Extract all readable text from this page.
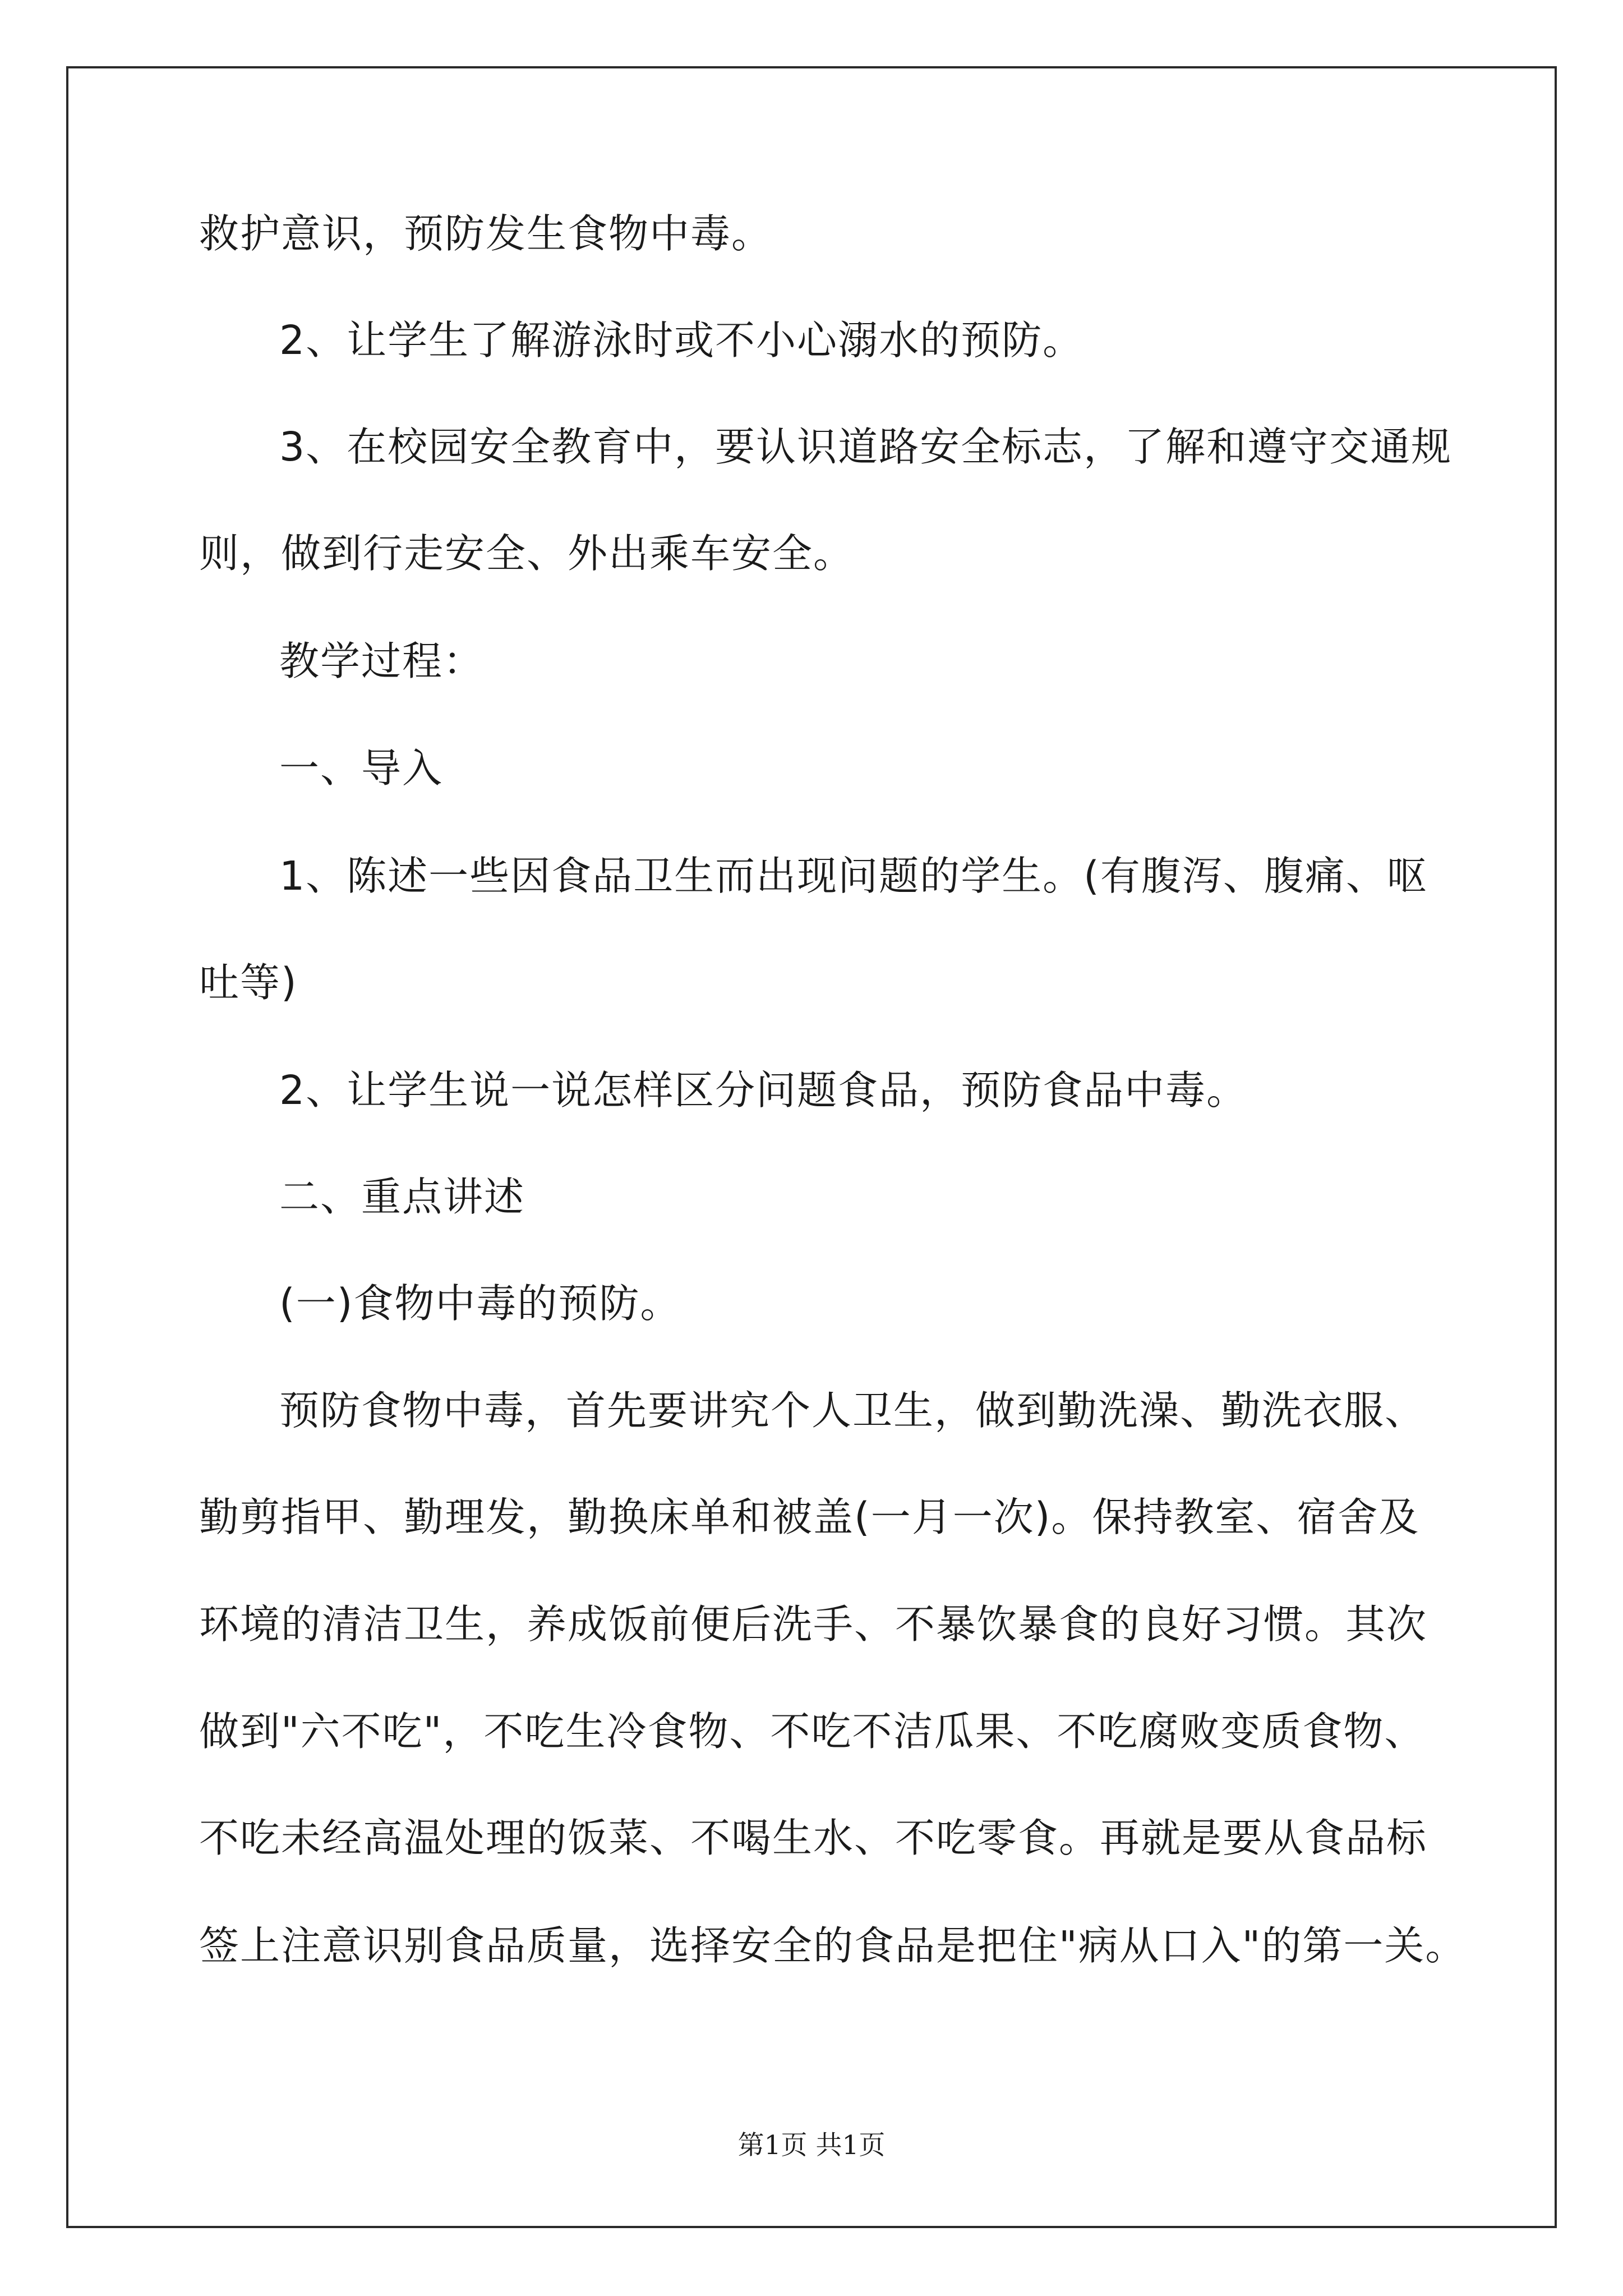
救护意识，预防发生食物中毒。
2、让学生了解游泳时或不小心溺水的预防。
3、在校园安全教育中，要认识道路安全标志，了解和遵守交通规
则，做到行走安全、外出乘车安全。
教学过程：
一、导入
1、陈述一些因食品卫生而出现问题的学生。(有腹泻、腹痛、呕
吐等)
2、让学生说一说怎样区分问题食品，预防食品中毒。
二、重点讲述
(一)食物中毒的预防。
预防食物中毒，首先要讲究个人卫生，做到勤洗澡、勤洗衣服、
勤剪指甲、勤理发，勤换床单和被盖(一月一次)。保持教室、宿舍及
环境的清洁卫生，养成饭前便后洗手、不暴饮暴食的良好习惯。其次
做到"六不吃"，不吃生冷食物、不吃不洁瓜果、不吃腐败变质食物、
不吃未经高温处理的饭菜、不喝生水、不吃零食。再就是要从食品标
签上注意识别食品质量，选择安全的食品是把住"病从口入"的第一关。
第1页 共1页
